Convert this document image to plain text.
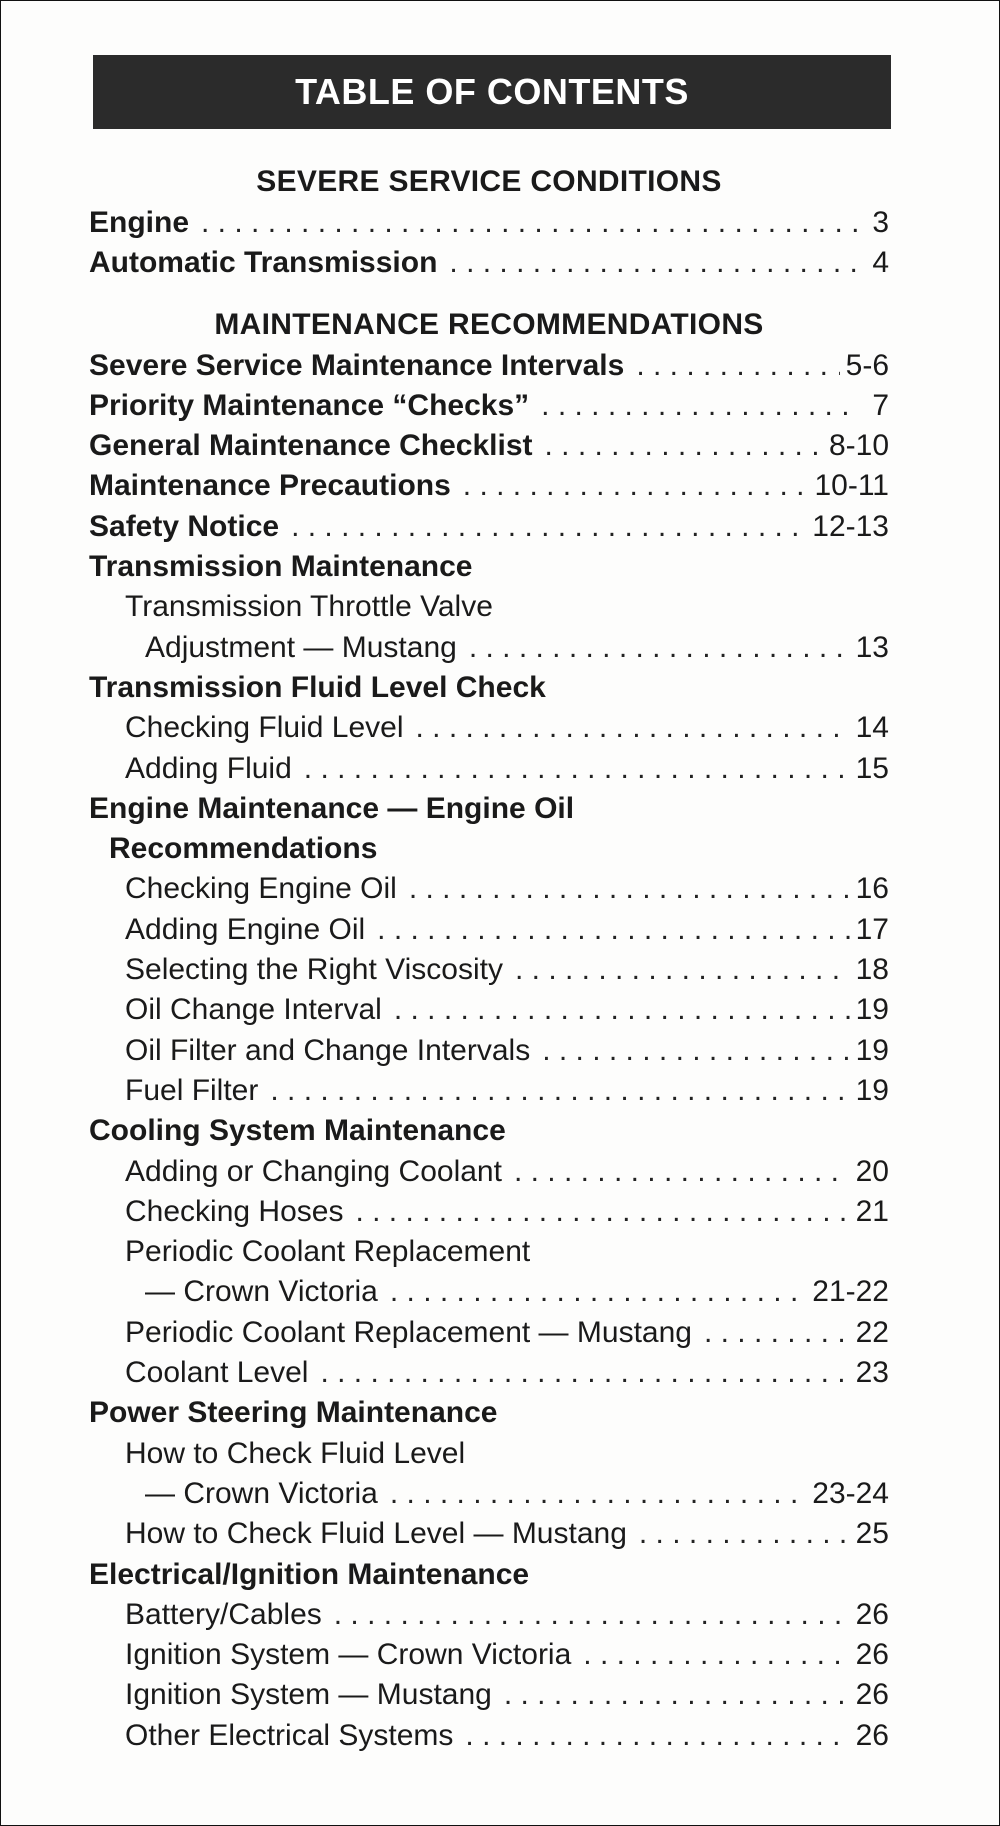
TABLE OF CONTENTS
SEVERE SERVICE CONDITIONS
Engine . . .	3
Automatic Transmission . . .	4
MAINTENANCE RECOMMENDATIONS
Severe Service Maintenance Intervals . . .	5-6
Priority Maintenance “Checks” . . .	7
General Maintenance Checklist . . .	8-10
Maintenance Precautions . . .	10-11
Safety Notice . . .	12-13
Transmission Maintenance
Transmission Throttle Valve
Adjustment — Mustang . . .	13
Transmission Fluid Level Check
Checking Fluid Level . . .	14
Adding Fluid . . .	15
Engine Maintenance — Engine Oil
Recommendations
Checking Engine Oil . . .	16
Adding Engine Oil . . .	17
Selecting the Right Viscosity . . .	18
Oil Change Interval . . .	19
Oil Filter and Change Intervals . . .	19
Fuel Filter . . .	19
Cooling System Maintenance
Adding or Changing Coolant . . .	20
Checking Hoses . . .	21
Periodic Coolant Replacement
— Crown Victoria . . .	21-22
Periodic Coolant Replacement — Mustang . . .	22
Coolant Level . . .	23
Power Steering Maintenance
How to Check Fluid Level
— Crown Victoria . . .	23-24
How to Check Fluid Level — Mustang . . .	25
Electrical/Ignition Maintenance
Battery/Cables . . .	26
Ignition System — Crown Victoria . . .	26
Ignition System — Mustang . . .	26
Other Electrical Systems . . .	26
